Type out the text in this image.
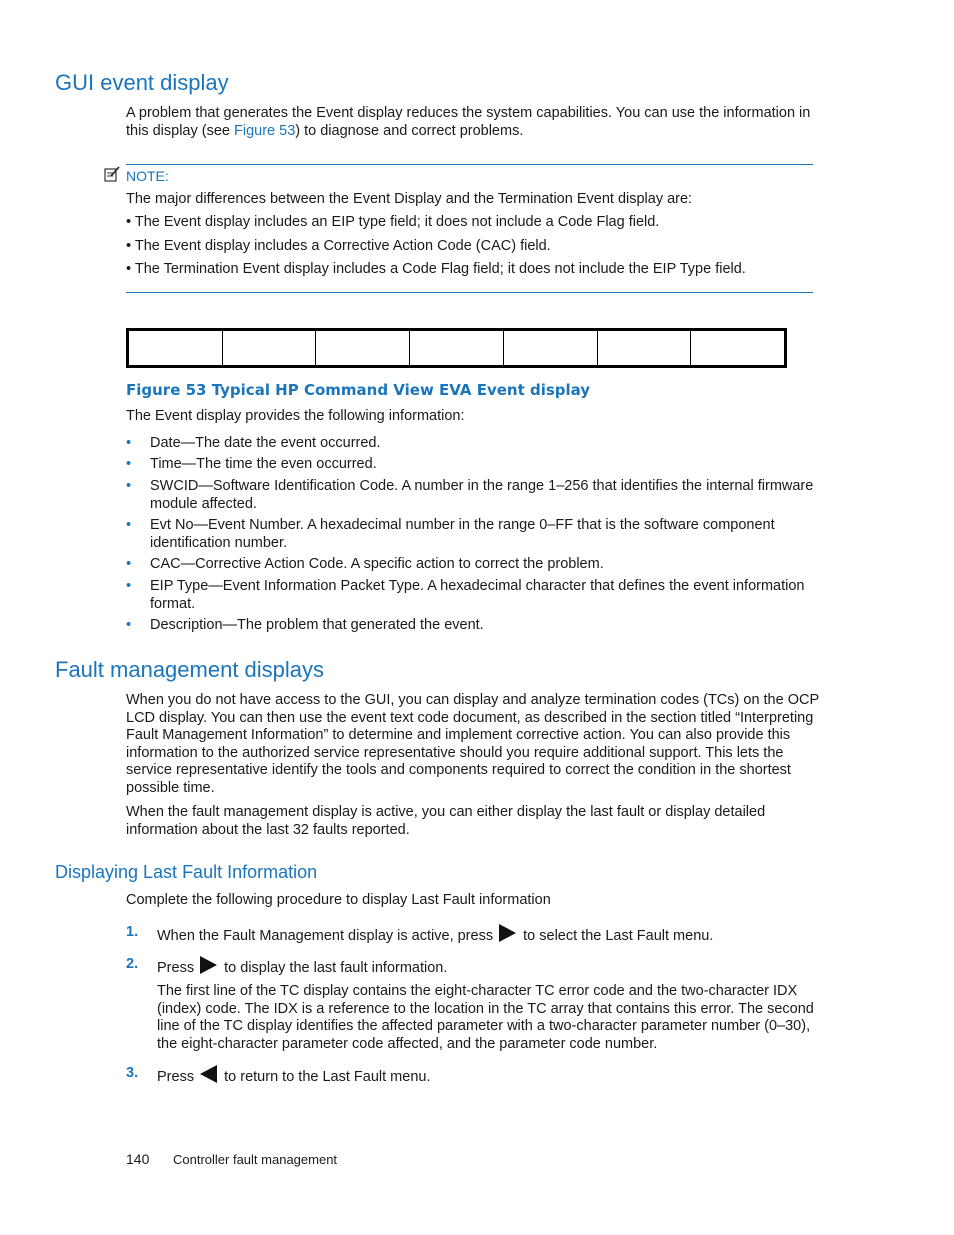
GUI event display

A problem that generates the Event display reduces the system capabilities. You can use the information in this display (see Figure 53) to diagnose and correct problems.

NOTE:

The major differences between the Event Display and the Termination Event display are:

• The Event display includes an EIP type field; it does not include a Code Flag field.

• The Event display includes a Corrective Action Code (CAC) field.

• The Termination Event display includes a Code Flag field; it does not include the EIP Type field.

Figure 53 Typical HP Command View EVA Event display

The Event display provides the following information:

• Date—The date the event occurred.
• Time—The time the even occurred.
• SWCID—Software Identification Code. A number in the range 1–256 that identifies the internal firmware module affected.
• Evt No—Event Number. A hexadecimal number in the range 0–FF that is the software component identification number.
• CAC—Corrective Action Code. A specific action to correct the problem.
• EIP Type—Event Information Packet Type. A hexadecimal character that defines the event information format.
• Description—The problem that generated the event.
Fault management displays

When you do not have access to the GUI, you can display and analyze termination codes (TCs) on the OCP LCD display. You can then use the event text code document, as described in the section titled “Interpreting Fault Management Information” to determine and implement corrective action. You can also provide this information to the authorized service representative should you require additional support. This lets the service representative identify the tools and components required to correct the condition in the shortest possible time.

When the fault management display is active, you can either display the last fault or display detailed information about the last 32 faults reported.

Displaying Last Fault Information

Complete the following procedure to display Last Fault information

1. When the Fault Management display is active, press to select the Last Fault menu.
2. Press to display the last fault information.

The first line of the TC display contains the eight-character TC error code and the two-character IDX (index) code. The IDX is a reference to the location in the TC array that contains this error. The second line of the TC display identifies the affected parameter with a two-character parameter number (0–30), the eight-character parameter code affected, and the parameter code number.

3. Press to return to the Last Fault menu.
140 Controller fault management
